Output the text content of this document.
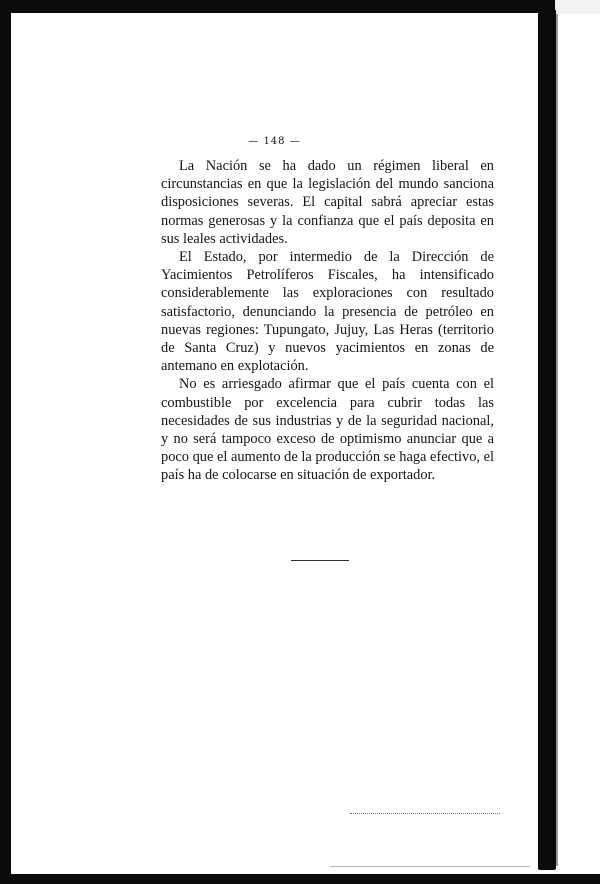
— 148 —

La Nación se ha dado un régimen liberal en circunstancias en que la legislación del mundo sanciona disposiciones severas. El capital sabrá apreciar estas normas generosas y la confianza que el país deposita en sus leales actividades.

El Estado, por intermedio de la Dirección de Yacimientos Petrolíferos Fiscales, ha intensificado considerablemente las exploraciones con resultado satisfactorio, denunciando la presencia de petróleo en nuevas regiones: Tupungato, Jujuy, Las Heras (territorio de Santa Cruz) y nuevos yacimientos en zonas de antemano en explotación.

No es arriesgado afirmar que el país cuenta con el combustible por excelencia para cubrir todas las necesidades de sus industrias y de la seguridad nacional, y no será tampoco exceso de optimismo anunciar que a poco que el aumento de la producción se haga efectivo, el país ha de colocarse en situación de exportador.
